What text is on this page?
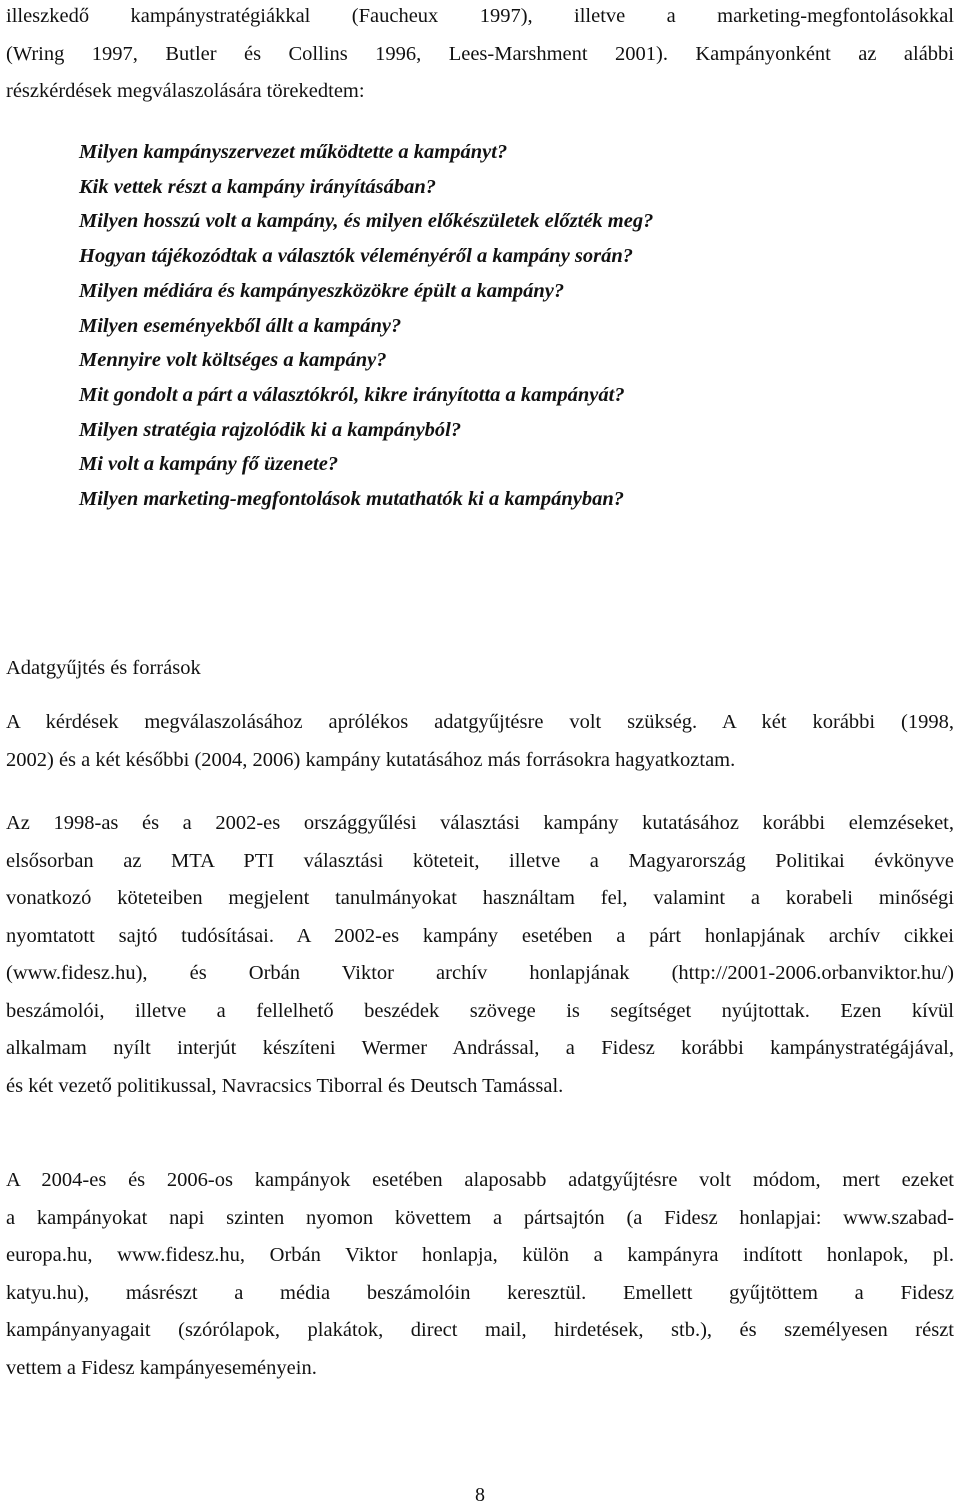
illeszkedő kampánystratégiákkal (Faucheux 1997), illetve a marketing-megfontolásokkal
(Wring 1997, Butler és Collins 1996, Lees-Marshment 2001). Kampányonként az alábbi
részkérdések megválaszolására törekedtem:

Milyen kampányszervezet működtette a kampányt?
Kik vettek részt a kampány irányításában?
Milyen hosszú volt a kampány, és milyen előkészületek előzték meg?
Hogyan tájékozódtak a választók véleményéről a kampány során?
Milyen médiára és kampányeszközökre épült a kampány?
Milyen eseményekből állt a kampány?
Mennyire volt költséges a kampány?
Mit gondolt a párt a választókról, kikre irányította a kampányát?
Milyen stratégia rajzolódik ki a kampányból?
Mi volt a kampány fő üzenete?
Milyen marketing-megfontolások mutathatók ki a kampányban?
Adatgyűjtés és források

A kérdések megválaszolásához aprólékos adatgyűjtésre volt szükség. A két korábbi (1998,
2002) és a két későbbi (2004, 2006) kampány kutatásához más forrásokra hagyatkoztam.

Az 1998-as és a 2002-es országgyűlési választási kampány kutatásához korábbi elemzéseket,
elsősorban az MTA PTI választási köteteit, illetve a Magyarország Politikai évkönyve
vonatkozó köteteiben megjelent tanulmányokat használtam fel, valamint a korabeli minőségi
nyomtatott sajtó tudósításai. A 2002-es kampány esetében a párt honlapjának archív cikkei
(www.fidesz.hu), és Orbán Viktor archív honlapjának (http://2001-2006.orbanviktor.hu/)
beszámolói, illetve a fellelhető beszédek szövege is segítséget nyújtottak. Ezen kívül
alkalmam nyílt interjút készíteni Wermer Andrással, a Fidesz korábbi kampánystratégájával,
és két vezető politikussal, Navracsics Tiborral és Deutsch Tamással.

A 2004-es és 2006-os kampányok esetében alaposabb adatgyűjtésre volt módom, mert ezeket
a kampányokat napi szinten nyomon követtem a pártsajtón (a Fidesz honlapjai: www.szabad-
europa.hu, www.fidesz.hu, Orbán Viktor honlapja, külön a kampányra indított honlapok, pl.
katyu.hu), másrészt a média beszámolóin keresztül. Emellett gyűjtöttem a Fidesz
kampányanyagait (szórólapok, plakátok, direct mail, hirdetések, stb.), és személyesen részt
vettem a Fidesz kampányeseményein.

8
